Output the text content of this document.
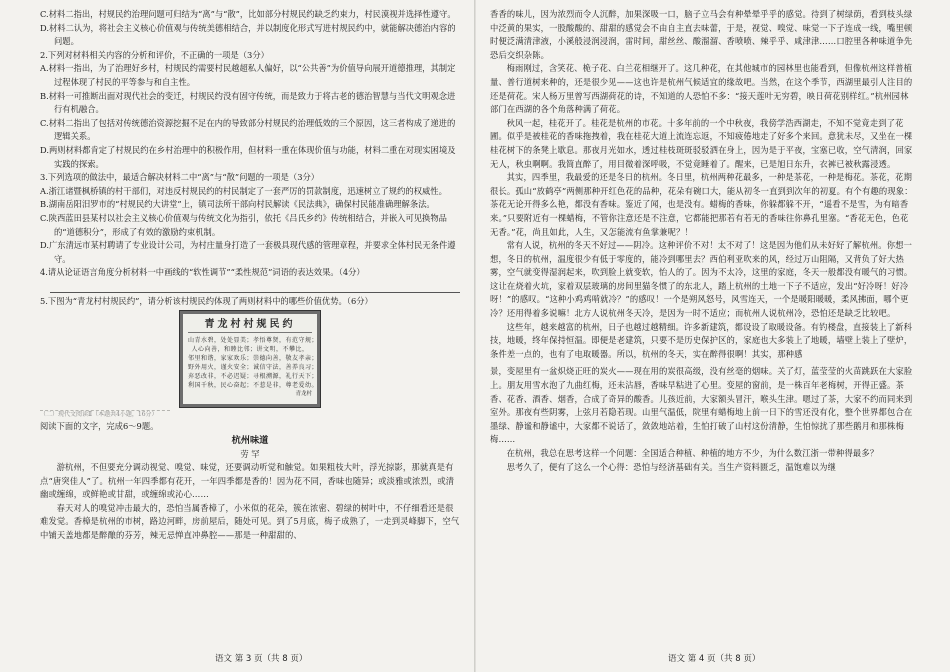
C.材料二指出，村规民约治理问题可归结为“离”与“散”，比如部分村规民约缺乏约束力，村民漠视并选择性遵守。

D.材料二认为，将社会主义核心价值观与传统美德相结合，并以制度化形式写进村规民约中，就能解决德治内容的问题。

2.下列对材料相关内容的分析和评价，不正确的一项是（3分）

A.材料一指出，为了治理好乡村，村规民约需要村民越超私人偏好，以“公共善”为价值导向展开道德推理，其制定过程体现了村民的平等参与和自主性。

B.材料一可推断出面对现代社会的变迁，村规民约没有固守传统，而是致力于将古老的德治智慧与当代文明观念进行有机融合。

C.材料二指出了包括对传统德治资源挖掘不足在内的导致部分村规民约治理低效的三个原因，这三者构成了递进的逻辑关系。

D.两则材料都肯定了村规民约在乡村治理中的积极作用，但材料一重在体现价值与功能，材料二重在对现实困境及实践的探索。

3.下列选项的做法中，最适合解决材料二中“离”与“散”问题的一项是（3分）

A.浙江诸暨枫桥镇的村干部们，对违反村规民约的村民制定了一套严厉的罚款制度，迅速树立了规约的权威性。

B.湖南岳阳汨罗市的“村规民约大讲堂”上，镇司法所干部向村民解读《民法典》，确保村民能准确理解条法。

C.陕西蓝田县某村以社会主义核心价值观与传统文化为指引，依托《吕氏乡约》传统相结合，并嵌入可见换物品的“道德积分”，形成了有效的激励约束机制。

D.广东清远市某村聘请了专业设计公司，为村庄量身打造了一套极具现代感的管理章程，并要求全体村民无条件遵守。

4.请从论证语言角度分析材料一中画线的“软性调节”“柔性规范”词语的表达效果。（4分）

5.下图为“青龙村村规民约”，请分析该村规民约体现了两则材料中的哪些价值优势。（6分）

青龙村村规民约
山青水碧，处处显美；孝悟尊贤，有范守规；
人心向善，和睦比邻；讲文明，不攀比，
邻里和谐，家家欢乐；崇德向善，敬友孝亲；
野外用火，谨火安全；诚信守法，善养良习；
弃恶改非，不必迟疑；寻根溯源，礼行天下；
利国千秋，民心奋起；不惹是非，尊老爱幼。
青龙村
（二）现代文阅读Ⅱ（本题共4小题，16分）

阅读下面的文字，完成6～9题。

杭州味道

劳 罕

游杭州，不但要充分调动视觉、嗅觉、味觉，还要调动听觉和触觉。如果粗枝大叶，浮光掠影，那就真是有点“唐突佳人”了。杭州一年四季都有花开，一年四季都是香的！因为花不同，香味也随异；或淡雅或浓烈，或清幽或缠绵，或鲜艳或甘甜，或缠绵或沁心……

春天对人的嗅觉冲击最大的，恐怕当属香樟了，小米似的花朵，簇在浓密、碧绿的树叶中，不仔细看还是很难发觉。香樟是杭州的市树，路边河畔，房前屋后，随处可见。到了5月底，梅子成熟了，一走到灵峰脚下，空气中铺天盖地都是醉酿的芬芳，辣无忌惮直冲鼻腔——那是一种甜甜的、

香香的味儿，因为浓烈而令人沉醉，加果深吸一口，脑子立马会有种晕晕乎乎的感觉。待到了树绿荫，看到枝头绿中泛黄的果实，一股酸酸的、甜甜的感觉会不由自主直去味蕾，于是，视觉、嗅觉、味觉一下子连成一线，嘴里顿时便泛满清津液，小溪般浸润浸润，雷时间，甜丝丝、酸溜溜、香喷喷、辣乎乎、咸津津……口腔里各种味道争先恐后交织杂陈。

梅雨刚过，含笑花、桅子花、白兰花相继开了。这几种花，在其他城市的园林里也能看到，但像杭州这样普植量、普行道树来种的，还是很少见——这也许是杭州气候适宜的缘故吧。当然，在这个季节，西湖里最引人注目的还是荷花。宋人杨万里曾写西湖荷花的诗，不知道的人恐怕不多：“接天莲叶无穷碧，映日荷花别样红。”杭州园林部门在西湖的各个角落种满了荷花。

秋风一起，桂花开了。桂花是杭州的市花。十多年前的一个中秋夜，我傍学浩西湖走，不知不觉竟走到了花圃。似乎是被桂花的香味拖拽着，我在桂花大道上流连忘返，不知疲倦地走了好多个来回。意犹未尽，又坐在一棵桂花树下的条凳上歇息。那夜月光如水，透过桂枝斑斑驳驳洒在身上，因为是于平夜，宝塞已收，空气清润，回家无人，秋虫啊啊。我简直醉了，用目微着深呼吸，不觉竟睡着了。醒来，已是旭日东升，衣裤已被秋露浸透。

其实，四季里，我最爱的还是冬日的杭州。冬日里，杭州两种花最多，一种是茶花，一种是梅花。茶花，花期很长。孤山“放鹤亭”两侧那种开红色花的品种，花朵有碗口大，能从初冬一直到到次年的初夏。有个有趣的现象：茶花无论开得多么艳，都没有香味。鉴近了闻，也是没有。蜡梅的香味，你躲都躲不开，“遥看不是雪，为有暗香来。”只要附近有一棵蜡梅，不管你注意还是不注意，它都能把那若有若无的香味往你鼻孔里塞。“香花无色，色花无香。”花，尚且如此，人生，又怎能流有鱼掌兼呢？！

常有人说，杭州的冬天不好过——阴冷。这种评价不对！太不对了！这是因为他们从未好好了解杭州。你想一想，冬日的杭州，温度很少有低于零度的，能冷到哪里去？西伯利亚吹来的风，经过万山阻隔，又背负了好大热雾，空气就变得湿润起来，吹到脸上就变软，怡人的了。因为不太冷，这里的家庭，冬天一般都没有暖气的习惯。这让在烧着火坑，家着双层玻璃的房间里猫冬惯了的东北人，踏上杭州的土地一下子不适应，发出“好冷呀！好冷呀！”的感叹。“这种小鸡鸡啃就冷？”的感叹！一个是朔风怒号，风雪连天，一个是暖阳暖暖，柔风拂面，哪个更冷？还用得着多说嘛！北方人说杭州冬天冷，是因为一时不适应；而杭州人说杭州冷，恐怕还是缺乏比较吧。

这些年，越来越富的杭州，日子也越过越精细。许多新建筑，都设设了取暖设备。有钓楼盘，直接装上了新科技，地暖，终年保持恒温。即便是老建筑，只要不是历史保护区的，家庭也大多装上了地暖，墙壁上装上了壁炉，条件差一点的，也有了电取暖器。所以，杭州的冬天，实在醉得很啊！其实，那种感

景，变屋里有一盆炽烧正旺的炭火——现在用的炭很高级，没有丝毫的烟味。关了灯，蓝莹莹的火苗跳跃在大家脸上。朋友用雪水泡了九曲红梅，还未沾唇，香味早粘进了心里。变屋的窗前，是一株百年老梅树，开得正盛。茶香、花香、酒香、烟香，合成了奇异的酸香。儿孩近前，大家额头冒汗，喉头生津。嗯过了茶，大家不约而同来到室外。那夜有些阴雾，上弦月若隐若现。山里气温低，院里有蜡梅地上前一日下的雪还没有化，整个世界都包合在墨绿、静谧和静谧中，大家都不说话了，敛敛地站着，生怕打破了山村这份清静，生怕惊扰了那些鹅月和那株梅梅……

在杭州，我总在思考这样一个问题：全国适合种植、种植的地方不少，为什么数江浙一带种得最多？

思考久了，便有了这么一个心得：恐怕与经济基础有关。当生产资料匮乏，温饱难以为继

语文 第 3 页（共 8 页）	语文 第 4 页（共 8 页）
